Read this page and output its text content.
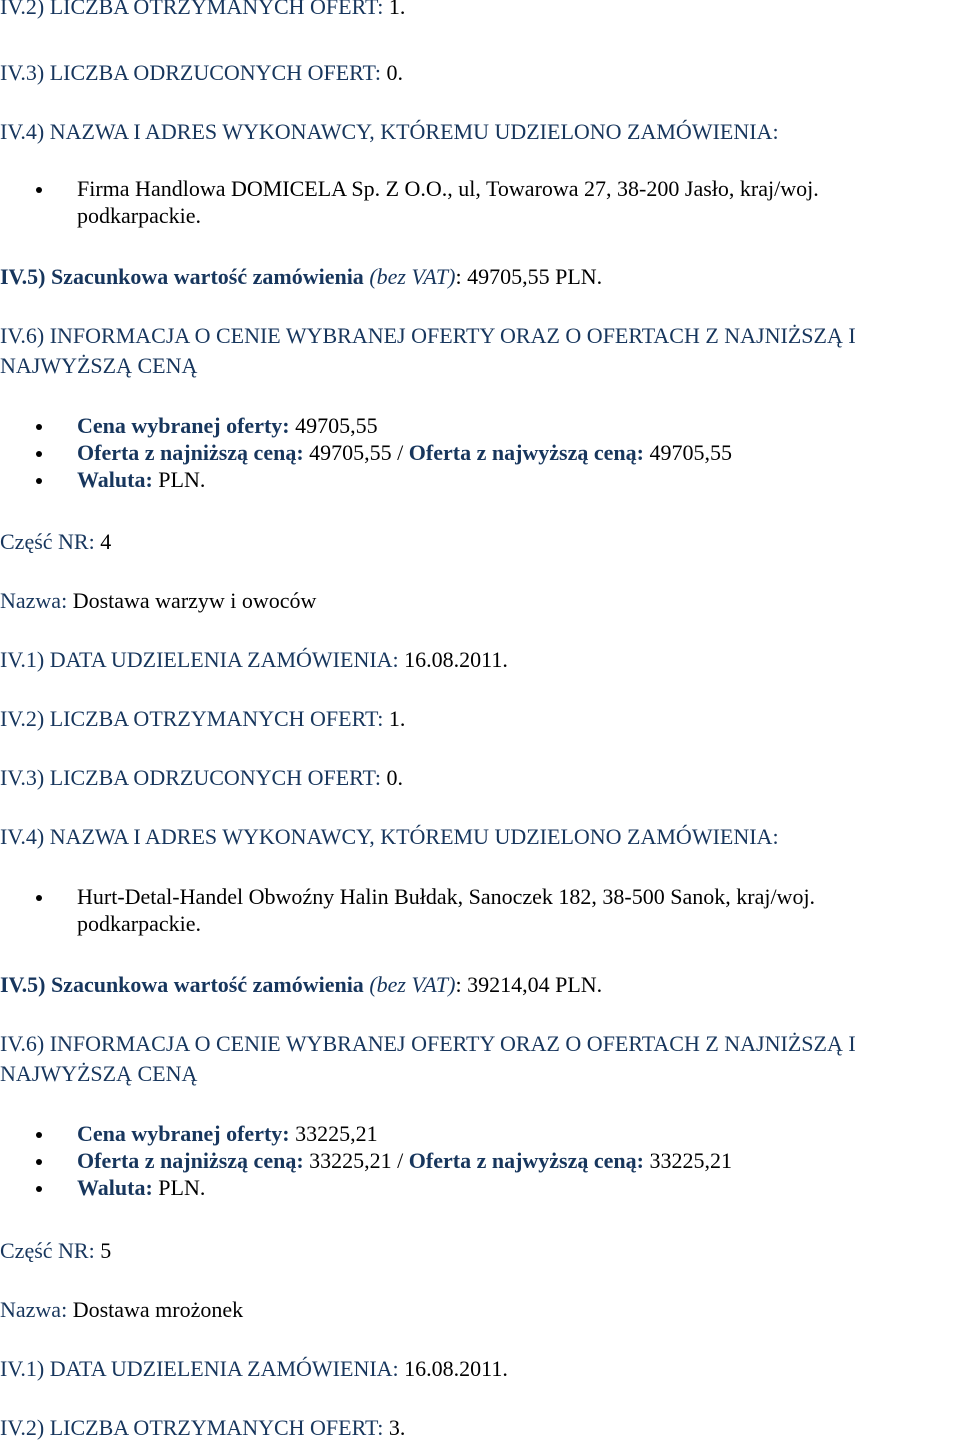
IV.2) LICZBA OTRZYMANYCH OFERT: 1.
IV.3) LICZBA ODRZUCONYCH OFERT: 0.
IV.4) NAZWA I ADRES WYKONAWCY, KTÓREMU UDZIELONO ZAMÓWIENIA:
Firma Handlowa DOMICELA Sp. Z O.O., ul, Towarowa 27, 38-200 Jasło, kraj/woj. podkarpackie.
IV.5) Szacunkowa wartość zamówienia (bez VAT): 49705,55 PLN.
IV.6) INFORMACJA O CENIE WYBRANEJ OFERTY ORAZ O OFERTACH Z NAJNIŻSZĄ I NAJWYŻSZĄ CENĄ
Cena wybranej oferty: 49705,55
Oferta z najniższą ceną: 49705,55 / Oferta z najwyższą ceną: 49705,55
Waluta: PLN.
Część NR: 4
Nazwa: Dostawa warzyw i owoców
IV.1) DATA UDZIELENIA ZAMÓWIENIA: 16.08.2011.
IV.2) LICZBA OTRZYMANYCH OFERT: 1.
IV.3) LICZBA ODRZUCONYCH OFERT: 0.
IV.4) NAZWA I ADRES WYKONAWCY, KTÓREMU UDZIELONO ZAMÓWIENIA:
Hurt-Detal-Handel Obwoźny Halin Bułdak, Sanoczek 182, 38-500 Sanok, kraj/woj. podkarpackie.
IV.5) Szacunkowa wartość zamówienia (bez VAT): 39214,04 PLN.
IV.6) INFORMACJA O CENIE WYBRANEJ OFERTY ORAZ O OFERTACH Z NAJNIŻSZĄ I NAJWYŻSZĄ CENĄ
Cena wybranej oferty: 33225,21
Oferta z najniższą ceną: 33225,21 / Oferta z najwyższą ceną: 33225,21
Waluta: PLN.
Część NR: 5
Nazwa: Dostawa mrożonek
IV.1) DATA UDZIELENIA ZAMÓWIENIA: 16.08.2011.
IV.2) LICZBA OTRZYMANYCH OFERT: 3.
